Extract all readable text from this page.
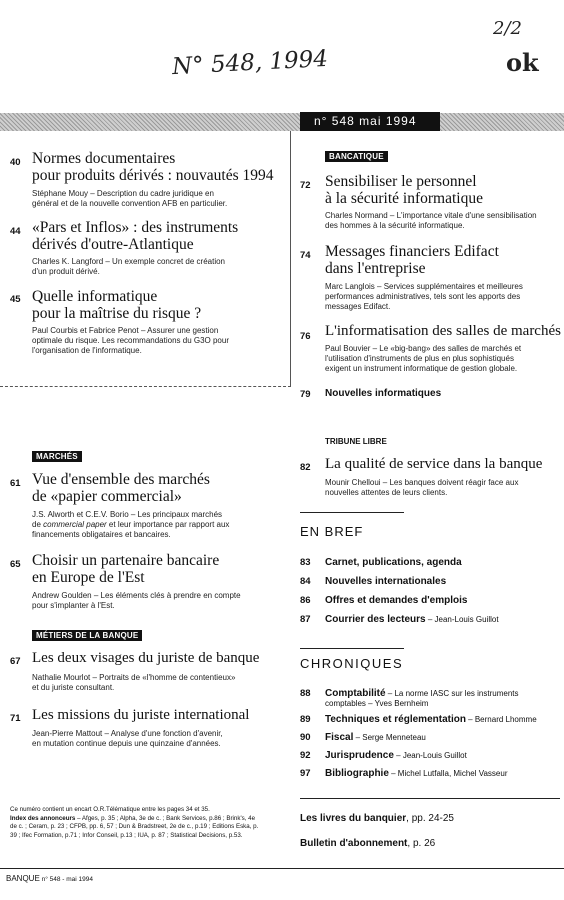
N° 548, 1994
2/2
ok
n° 548 mai 1994
40 Normes documentaires
pour produits dérivés : nouvautés 1994
Stéphane Mouy – Description du cadre juridique en
général et de la nouvelle convention AFB en particulier.
44 «Pars et Inflos» : des instruments
dérivés d'outre-Atlantique
Charles K. Langford – Un exemple concret de création
d'un produit dérivé.
45 Quelle informatique
pour la maîtrise du risque ?
Paul Courbis et Fabrice Penot – Assurer une gestion
optimale du risque. Les recommandations du G3O pour
l'organisation de l'informatique.
BANCATIQUE
72 Sensibiliser le personnel
à la sécurité informatique
Charles Normand – L'importance vitale d'une sensibilisation
des hommes à la sécurité informatique.
74 Messages financiers Edifact
dans l'entreprise
Marc Langlois – Services supplémentaires et meilleures
performances administratives, tels sont les apports des
messages Edifact.
76 L'informatisation des salles de marchés
Paul Bouvier – Le «big-bang» des salles de marchés et
l'utilisation d'instruments de plus en plus sophistiqués
exigent un instrument informatique de gestion globale.
79 Nouvelles informatiques
MARCHÉS
61 Vue d'ensemble des marchés
de «papier commercial»
J.S. Alworth et C.E.V. Borio – Les principaux marchés
de commercial paper et leur importance par rapport aux
financements obligataires et bancaires.
65 Choisir un partenaire bancaire
en Europe de l'Est
Andrew Goulden – Les éléments clés à prendre en compte
pour s'implanter à l'Est.
MÉTIERS DE LA BANQUE
67 Les deux visages du juriste de banque
Nathalie Mourlot – Portraits de «l'homme de contentieux»
et du juriste consultant.
71 Les missions du juriste international
Jean-Pierre Mattout – Analyse d'une fonction d'avenir,
en mutation continue depuis une quinzaine d'années.
TRIBUNE LIBRE
82 La qualité de service dans la banque
Mounir Chelloui – Les banques doivent réagir face aux
nouvelles attentes de leurs clients.
EN BREF
83 Carnet, publications, agenda
84 Nouvelles internationales
86 Offres et demandes d'emplois
87 Courrier des lecteurs – Jean-Louis Guillot
CHRONIQUES
88 Comptabilité – La norme IASC sur les instruments
comptables – Yves Bernheim
89 Techniques et réglementation – Bernard Lhomme
90 Fiscal – Serge Menneteau
92 Jurisprudence – Jean-Louis Guillot
97 Bibliographie – Michel Lutfalla, Michel Vasseur
Les livres du banquier, pp. 24-25
Bulletin d'abonnement, p. 26
Ce numéro contient un encart O.R.Télématique entre les pages 34 et 35.
Index des annonceurs – Afges, p. 35 ; Alpha, 3e de c. ; Bank Services, p.86 ; Brink's, 4e
de c. ; Ceram, p. 23 ; CFPB, pp. 6, 57 ; Dun & Bradstreet, 2e de c., p.19 ; Editions Eska, p.
39 ; Ifec Formation, p.71 ; Infor Conseil, p.13 ; IUA, p. 87 ; Statistical Decisions, p.53.
BANQUE n° 548 - mai 1994
